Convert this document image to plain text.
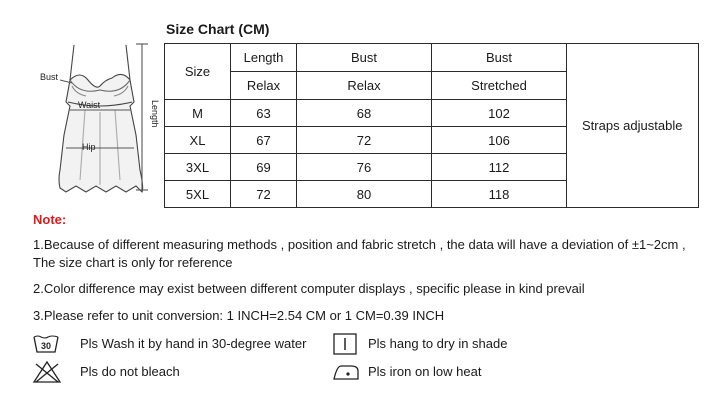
Bust
Waist
Hip
Length
Size Chart (CM)
Size	Length	Bust	Bust	Straps adjustable
	Relax	Relax	Stretched	
M	63	68	102	
XL	67	72	106	
3XL	69	76	112	
5XL	72	80	118	
Note:
1.Because of different measuring methods , position and fabric stretch , the data will have a deviation of ±1~2cm ,
The size chart is only for reference
2.Color difference may exist between different computer displays , specific please in kind prevail
3.Please refer to unit conversion: 1 INCH=2.54 CM or 1 CM=0.39 INCH
30 Pls Wash it by hand in 30-degree water	Pls hang to dry in shade
Pls do not bleach	Pls iron on low heat
